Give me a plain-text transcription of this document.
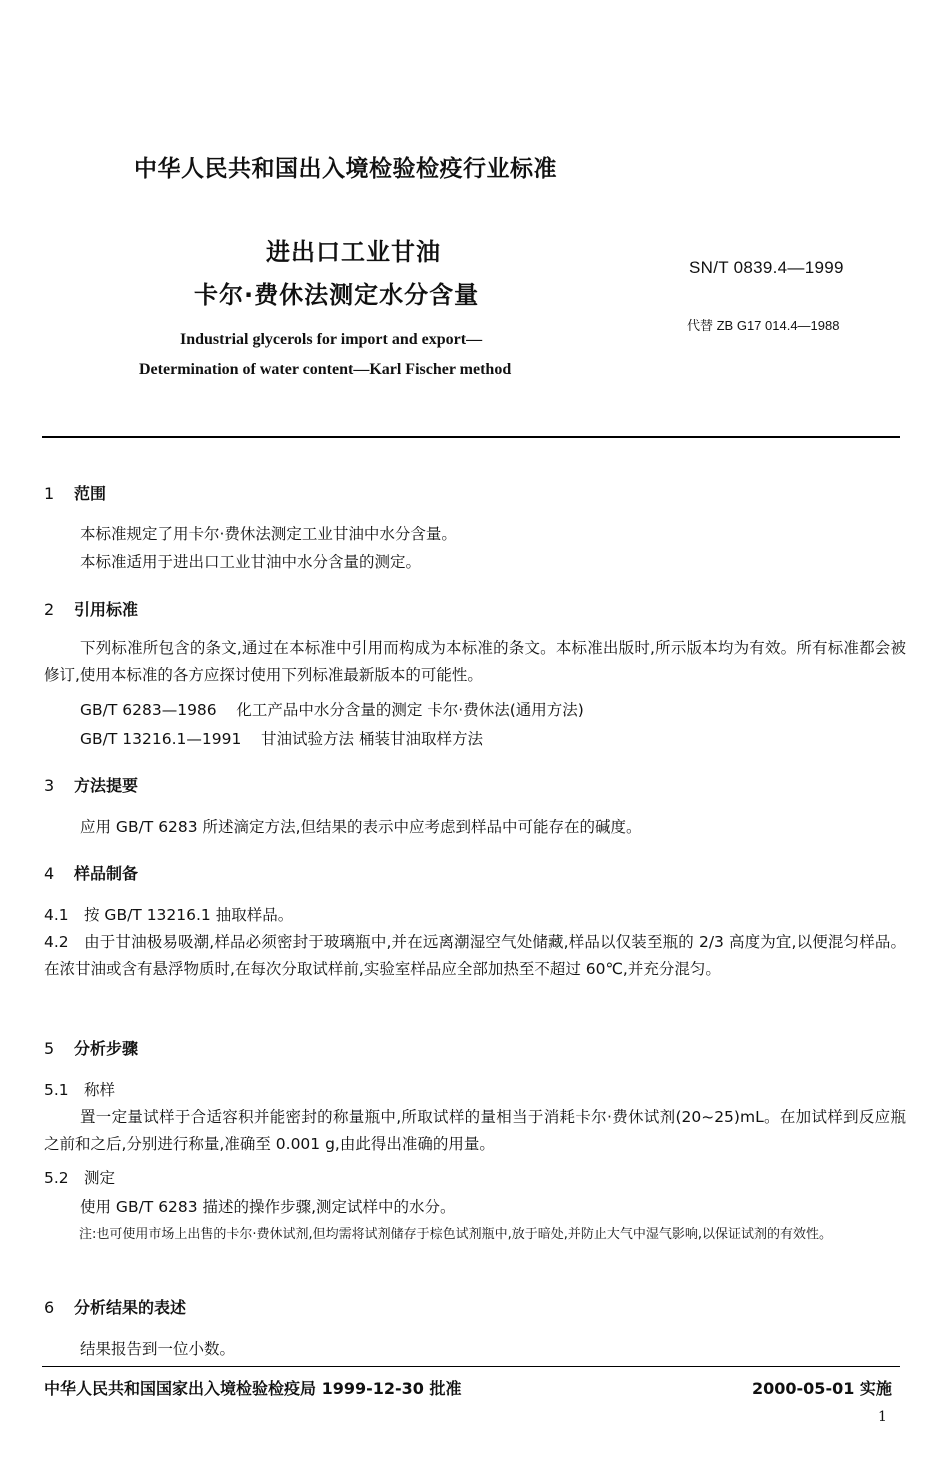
中华人民共和国出入境检验检疫行业标准
进出口工业甘油
卡尔·费休法测定水分含量
Industrial glycerols for import and export—
Determination of water content—Karl Fischer method
SN/T 0839.4—1999
代替 ZB G17 014.4—1988
1 范围
本标准规定了用卡尔·费休法测定工业甘油中水分含量。
本标准适用于进出口工业甘油中水分含量的测定。
2 引用标准
下列标准所包含的条文,通过在本标准中引用而构成为本标准的条文。本标准出版时,所示版本均为有效。所有标准都会被修订,使用本标准的各方应探讨使用下列标准最新版本的可能性。
GB/T 6283—1986 化工产品中水分含量的测定 卡尔·费休法(通用方法)
GB/T 13216.1—1991 甘油试验方法 桶装甘油取样方法
3 方法提要
应用 GB/T 6283 所述滴定方法,但结果的表示中应考虑到样品中可能存在的碱度。
4 样品制备
4.1 按 GB/T 13216.1 抽取样品。
4.2 由于甘油极易吸潮,样品必须密封于玻璃瓶中,并在远离潮湿空气处储藏,样品以仅装至瓶的 2/3 高度为宜,以便混匀样品。在浓甘油或含有悬浮物质时,在每次分取试样前,实验室样品应全部加热至不超过 60℃,并充分混匀。
5 分析步骤
5.1 称样
置一定量试样于合适容积并能密封的称量瓶中,所取试样的量相当于消耗卡尔·费休试剂(20~25)mL。在加试样到反应瓶之前和之后,分别进行称量,准确至 0.001 g,由此得出准确的用量。
5.2 测定
使用 GB/T 6283 描述的操作步骤,测定试样中的水分。
注:也可使用市场上出售的卡尔·费休试剂,但均需将试剂储存于棕色试剂瓶中,放于暗处,并防止大气中湿气影响,以保证试剂的有效性。
6 分析结果的表述
结果报告到一位小数。
中华人民共和国国家出入境检验检疫局 1999-12-30 批准	2000-05-01 实施
1
